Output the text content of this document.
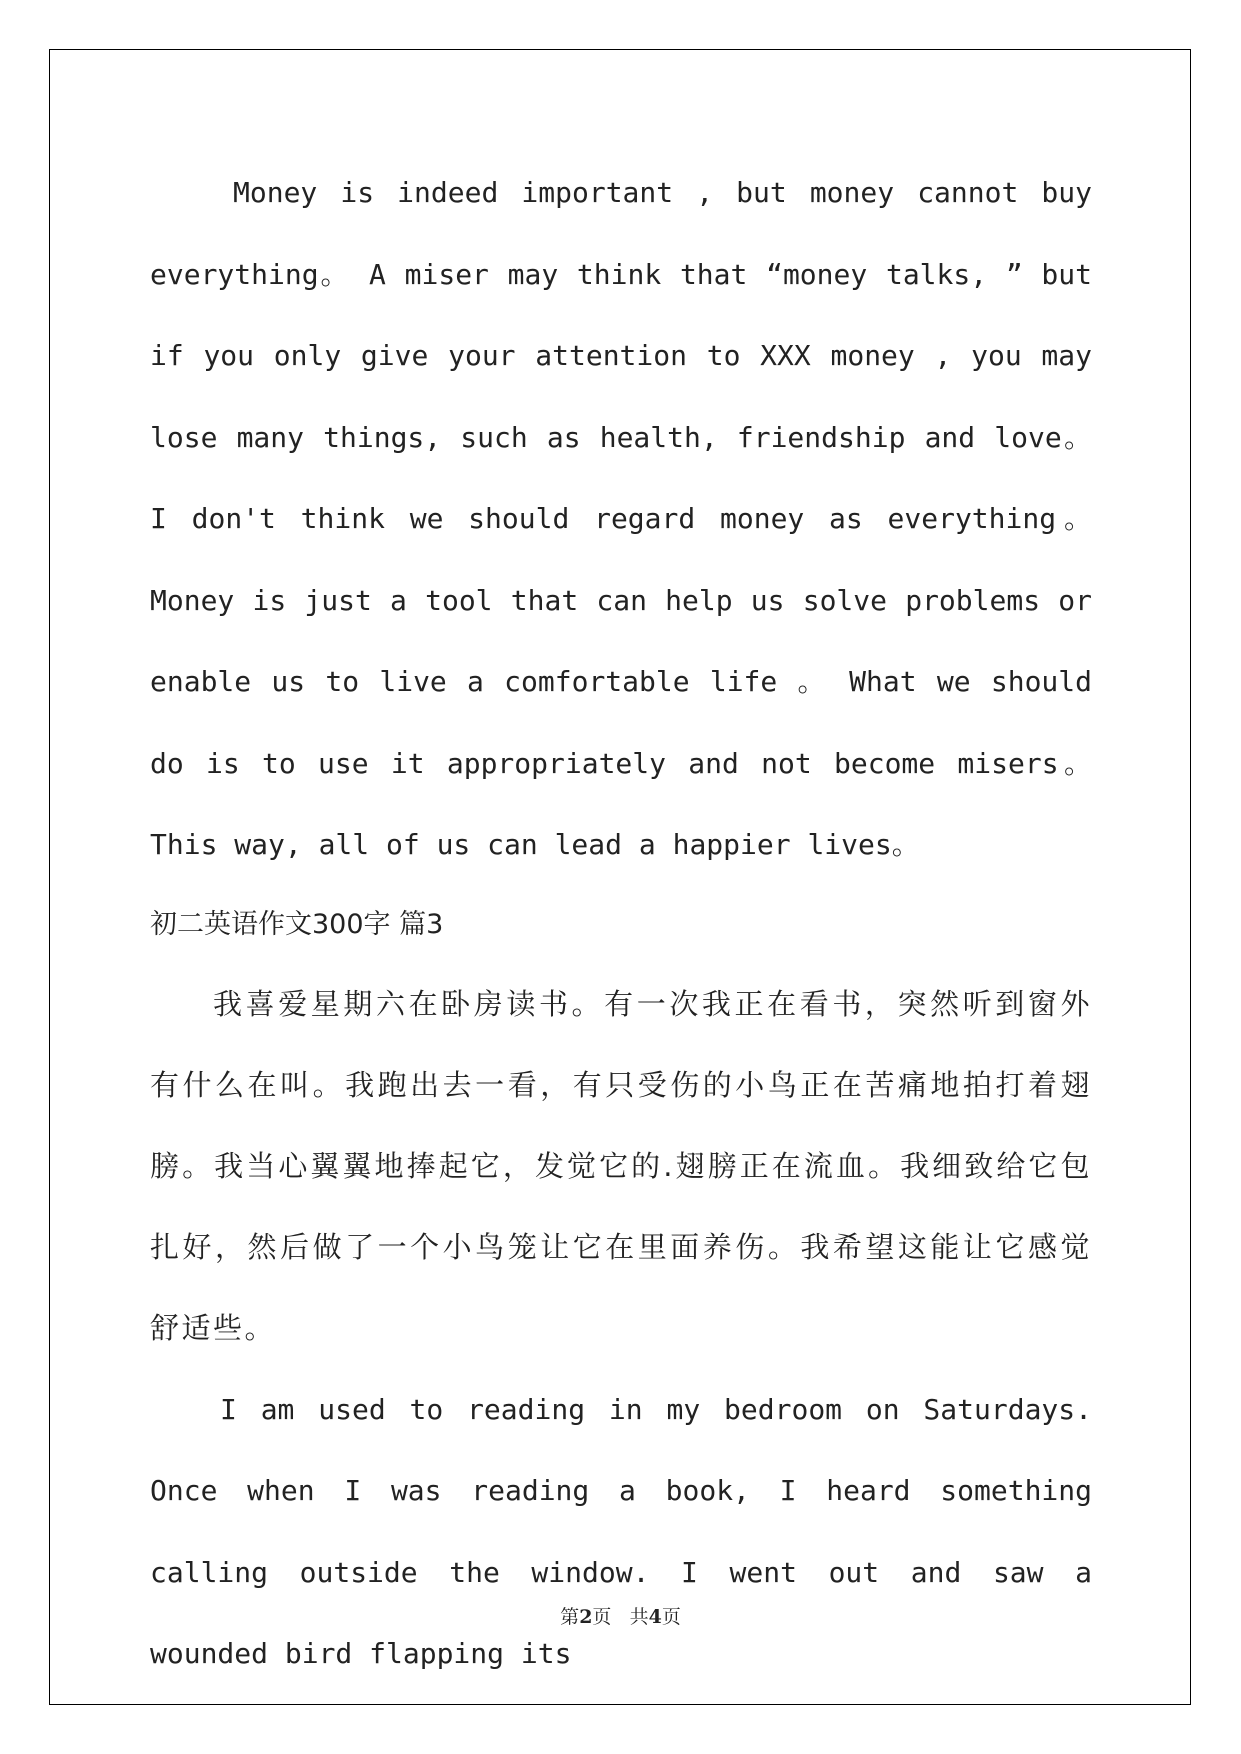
Money is indeed important , but money cannot buy everything。 A miser may think that “money talks, ” but if you only give your attention to XXX money , you may lose many things, such as health, friendship and love。 I don't think we should regard money as everything。 Money is just a tool that can help us solve problems or enable us to live a comfortable life 。 What we should do is to use it appropriately and not become misers。 This way, all of us can lead a happier lives。

初二英语作文300字 篇3

我喜爱星期六在卧房读书。有一次我正在看书，突然听到窗外有什么在叫。我跑出去一看，有只受伤的小鸟正在苦痛地拍打着翅膀。我当心翼翼地捧起它，发觉它的.翅膀正在流血。我细致给它包扎好，然后做了一个小鸟笼让它在里面养伤。我希望这能让它感觉舒适些。

I am used to reading in my bedroom on Saturdays. Once when I was reading a book, I heard something calling outside the window. I went out and saw a wounded bird flapping its

第2页 共4页
